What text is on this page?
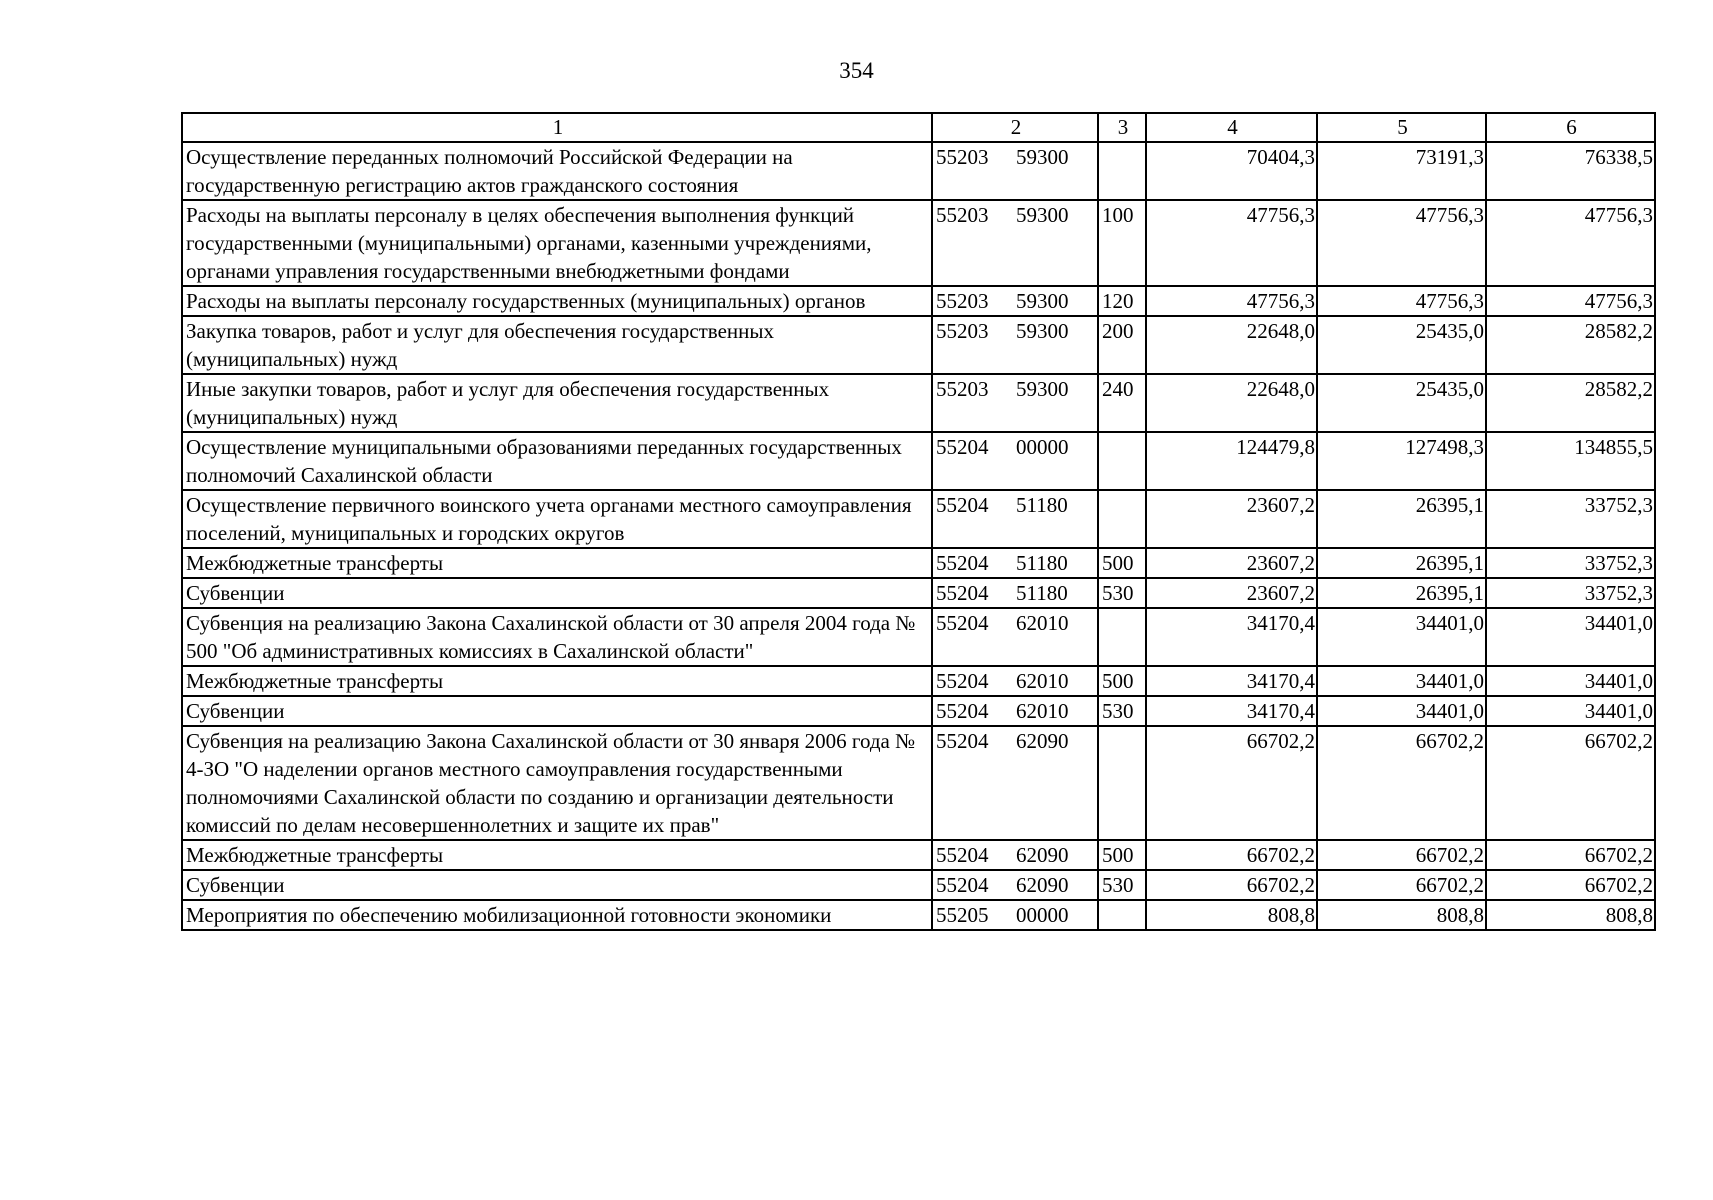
354
1	2	3	4	5	6
Осуществление переданных полномочий Российской Федерации на государственную регистрацию актов гражданского состояния	55203 59300		70404,3	73191,3	76338,5
Расходы на выплаты персоналу в целях обеспечения выполнения функций государственными (муниципальными) органами, казенными учреждениями, органами управления государственными внебюджетными фондами	55203 59300	100	47756,3	47756,3	47756,3
Расходы на выплаты персоналу государственных (муниципальных) органов	55203 59300	120	47756,3	47756,3	47756,3
Закупка товаров, работ и услуг для обеспечения государственных (муниципальных) нужд	55203 59300	200	22648,0	25435,0	28582,2
Иные закупки товаров, работ и услуг для обеспечения государственных (муниципальных) нужд	55203 59300	240	22648,0	25435,0	28582,2
Осуществление муниципальными образованиями переданных государственных полномочий Сахалинской области	55204 00000		124479,8	127498,3	134855,5
Осуществление первичного воинского учета органами местного самоуправления поселений, муниципальных и городских округов	55204 51180		23607,2	26395,1	33752,3
Межбюджетные трансферты	55204 51180	500	23607,2	26395,1	33752,3
Субвенции	55204 51180	530	23607,2	26395,1	33752,3
Субвенция на реализацию Закона Сахалинской области от 30 апреля 2004 года № 500 "Об административных комиссиях в Сахалинской области"	55204 62010		34170,4	34401,0	34401,0
Межбюджетные трансферты	55204 62010	500	34170,4	34401,0	34401,0
Субвенции	55204 62010	530	34170,4	34401,0	34401,0
Субвенция на реализацию Закона Сахалинской области от 30 января 2006 года № 4-ЗО "О наделении органов местного самоуправления государственными полномочиями Сахалинской области по созданию и организации деятельности комиссий по делам несовершеннолетних и защите их прав"	55204 62090		66702,2	66702,2	66702,2
Межбюджетные трансферты	55204 62090	500	66702,2	66702,2	66702,2
Субвенции	55204 62090	530	66702,2	66702,2	66702,2
Мероприятия по обеспечению мобилизационной готовности экономики	55205 00000		808,8	808,8	808,8
